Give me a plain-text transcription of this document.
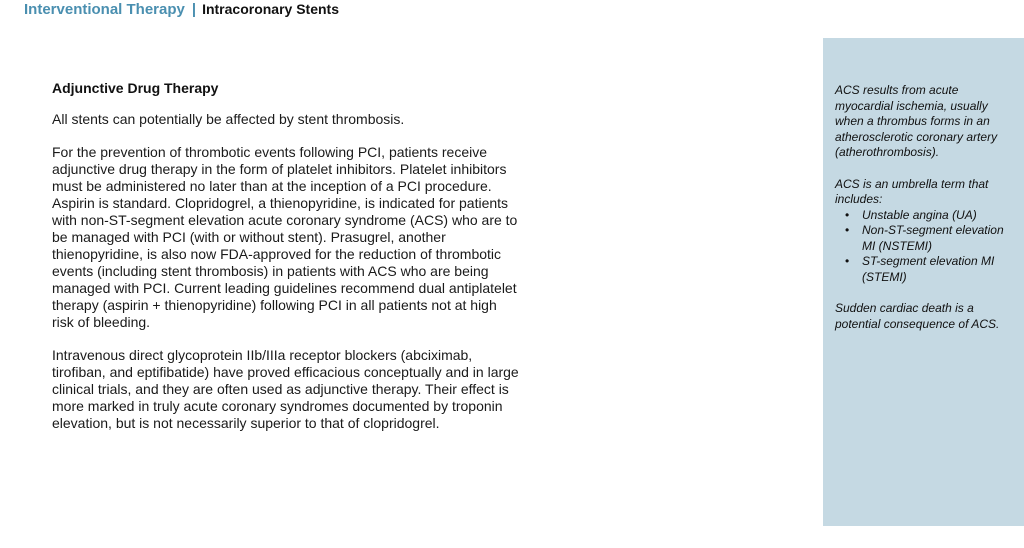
Interventional Therapy | Intracoronary Stents
Adjunctive Drug Therapy

All stents can potentially be affected by stent thrombosis.

For the prevention of thrombotic events following PCI, patients receive adjunctive drug therapy in the form of platelet inhibitors. Platelet inhibitors must be administered no later than at the inception of a PCI procedure. Aspirin is standard. Clopridogrel, a thienopyridine, is indicated for patients with non-ST-segment elevation acute coronary syndrome (ACS) who are to be managed with PCI (with or without stent). Prasugrel, another thienopyridine, is also now FDA-approved for the reduction of thrombotic events (including stent thrombosis) in patients with ACS who are being managed with PCI. Current leading guidelines recommend dual antiplatelet therapy (aspirin + thienopyridine) following PCI in all patients not at high risk of bleeding.

Intravenous direct glycoprotein IIb/IIIa receptor blockers (abciximab, tirofiban, and eptifibatide) have proved efficacious conceptually and in large clinical trials, and they are often used as adjunctive therapy. Their effect is more marked in truly acute coronary syndromes documented by troponin elevation, but is not necessarily superior to that of clopridogrel.

ACS results from acute myocardial ischemia, usually when a thrombus forms in an atherosclerotic coronary artery (atherothrombosis).

ACS is an umbrella term that includes:

• Unstable angina (UA)
• Non-ST-segment elevation MI (NSTEMI)
• ST-segment elevation MI (STEMI)

Sudden cardiac death is a potential consequence of ACS.
